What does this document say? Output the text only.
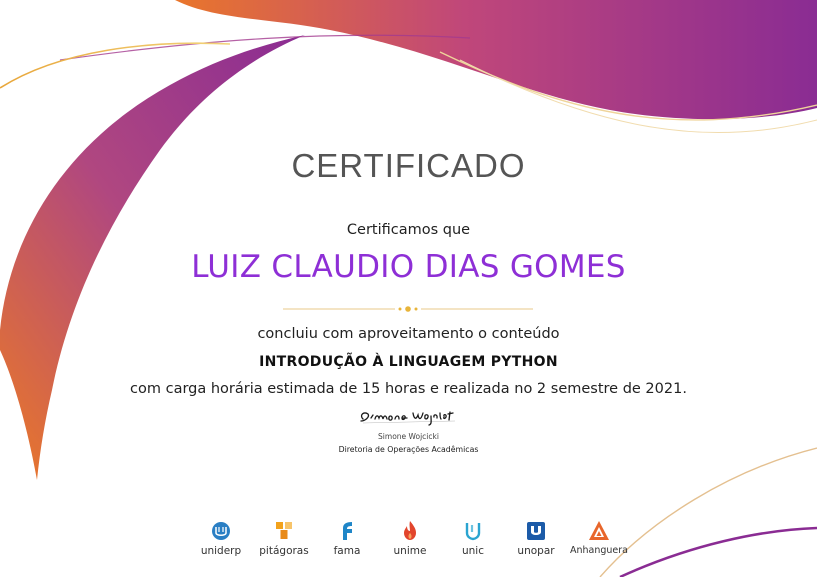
CERTIFICADO
Certificamos que
LUIZ CLAUDIO DIAS GOMES
concluiu com aproveitamento o conteúdo
INTRODUÇÃO À LINGUAGEM PYTHON
com carga horária estimada de 15 horas e realizada no 2 semestre de 2021.
Simone Wojcicki
Diretoria de Operações Acadêmicas
uniderp pitágoras fama	unime	unic	unopar Anhanguera
